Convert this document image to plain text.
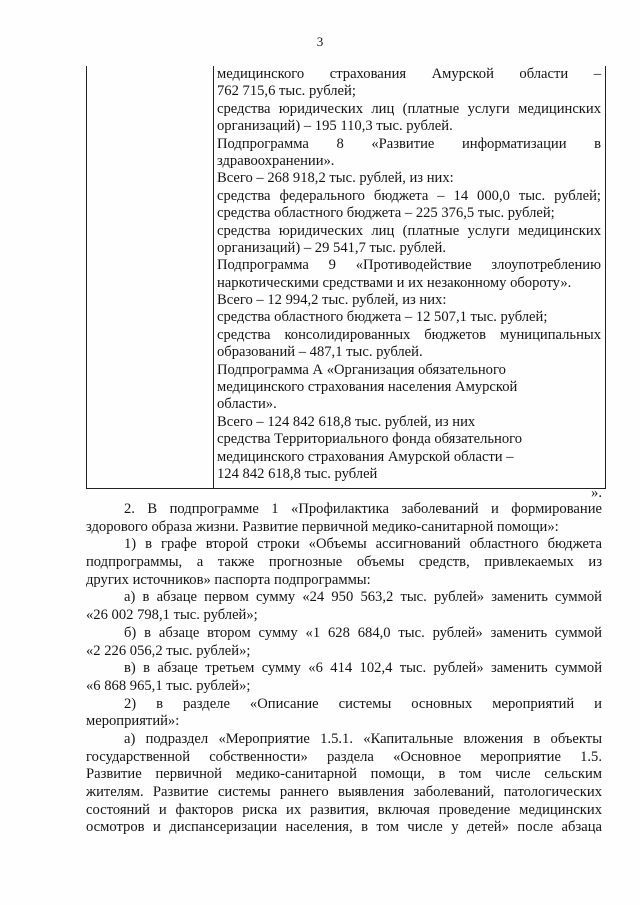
3
медицинского страхования Амурской области –
762 715,6 тыс. рублей;
средства юридических лиц (платные услуги медицинских
организаций) – 195 110,3 тыс. рублей.
Подпрограмма 8 «Развитие информатизации в
здравоохранении».
Всего – 268 918,2 тыс. рублей, из них:
средства федерального бюджета – 14 000,0 тыс. рублей;
средства областного бюджета – 225 376,5 тыс. рублей;
средства юридических лиц (платные услуги медицинских
организаций) – 29 541,7 тыс. рублей.
Подпрограмма 9 «Противодействие злоупотреблению
наркотическими средствами и их незаконному обороту».
Всего – 12 994,2 тыс. рублей, из них:
средства областного бюджета – 12 507,1 тыс. рублей;
средства консолидированных бюджетов муниципальных
образований – 487,1 тыс. рублей.
Подпрограмма А «Организация обязательного
медицинского страхования населения Амурской
области».
Всего – 124 842 618,8 тыс. рублей, из них
средства Территориального фонда обязательного
медицинского страхования Амурской области –
124 842 618,8 тыс. рублей
».
2. В подпрограмме 1 «Профилактика заболеваний и формирование
здорового образа жизни. Развитие первичной медико-санитарной помощи»:
1) в графе второй строки «Объемы ассигнований областного бюджета
подпрограммы, а также прогнозные объемы средств, привлекаемых из
других источников» паспорта подпрограммы:
а) в абзаце первом сумму «24 950 563,2 тыс. рублей» заменить суммой
«26 002 798,1 тыс. рублей»;
б) в абзаце втором сумму «1 628 684,0 тыс. рублей» заменить суммой
«2 226 056,2 тыс. рублей»;
в) в абзаце третьем сумму «6 414 102,4 тыс. рублей» заменить суммой
«6 868 965,1 тыс. рублей»;
2) в разделе «Описание системы основных мероприятий и
мероприятий»:
а) подраздел «Мероприятие 1.5.1. «Капитальные вложения в объекты
государственной собственности» раздела «Основное мероприятие 1.5.
Развитие первичной медико-санитарной помощи, в том числе сельским
жителям. Развитие системы раннего выявления заболеваний, патологических
состояний и факторов риска их развития, включая проведение медицинских
осмотров и диспансеризации населения, в том числе у детей» после абзаца
